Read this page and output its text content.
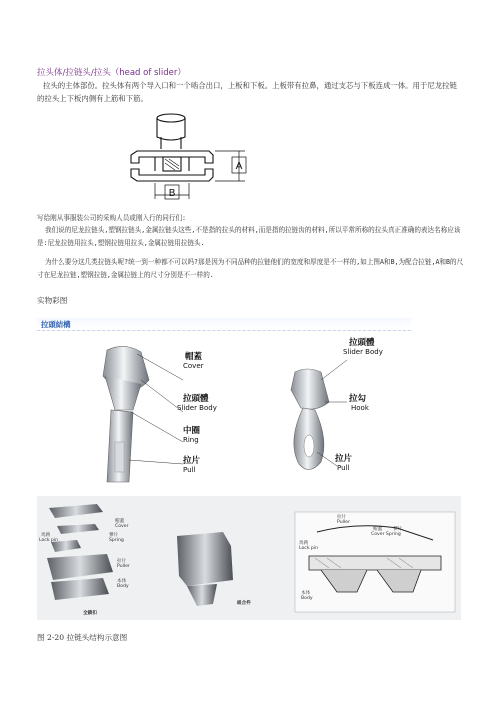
拉头体/拉链头/拉头（head of slider）
拉头的主体部份。拉头体有两个导入口和一个啮合出口，上板和下板。上板带有拉鼻，通过支芯与下板连成一体。用于尼龙拉链的拉头上下板内侧有上筋和下筋。
A
B
写给刚从事服装公司的采购人员或刚入行的同行们:
我们说的尼龙拉链头,塑钢拉链头,金属拉链头这些,不是指的拉头的材料,而是指的拉链齿的材料,所以平常所称的拉头真正准确的表达名称应该是:尼龙拉链用拉头,塑钢拉链用拉头,金属拉链用拉链头.
为什么要分这几类拉链头呢?统一到一种都不可以吗?那是因为不同品种的拉链他们的宽度和厚度是不一样的,如上图A和B,为配合拉链,A和B的尺寸在尼龙拉链,塑钢拉链,金属拉链上的尺寸分别是不一样的.
实物彩图
拉頭結構
帽蓋
Cover
拉頭體
Slider Body
中圈
Ring
拉片
Pull
拉頭體
Slider Body
拉勾
Hook
拉片
Pull
帽蓋
Cover
彈片
Spring
馬鉤
Lock pin
拉片
Puller
本体
Body
全鎖扣
組合件
拉片
Puller
帽蓋 彈片
Cover Spring
馬鉤
Lock pin
本体
Body
图 2-20 拉链头结构示意图
